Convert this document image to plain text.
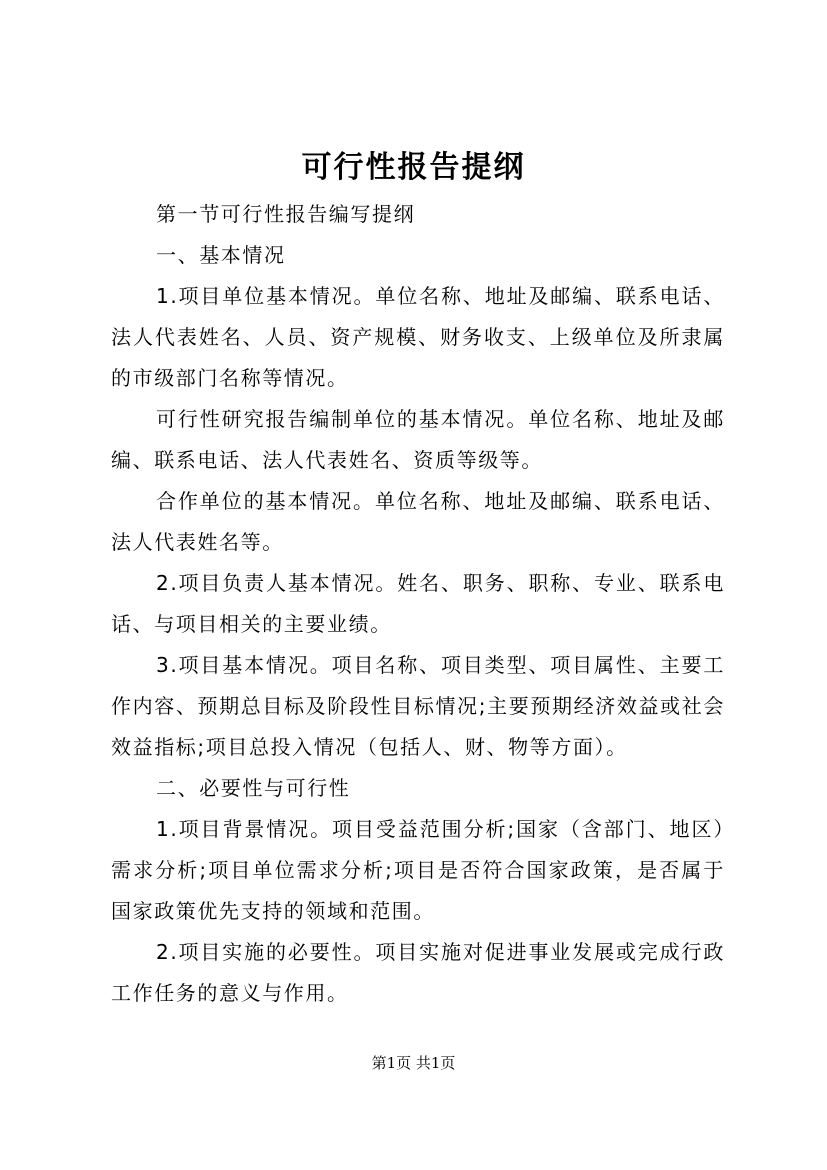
可行性报告提纲

第一节可行性报告编写提纲

一、基本情况

1.项目单位基本情况。单位名称、地址及邮编、联系电话、法人代表姓名、人员、资产规模、财务收支、上级单位及所隶属的市级部门名称等情况。

可行性研究报告编制单位的基本情况。单位名称、地址及邮编、联系电话、法人代表姓名、资质等级等。

合作单位的基本情况。单位名称、地址及邮编、联系电话、法人代表姓名等。

2.项目负责人基本情况。姓名、职务、职称、专业、联系电话、与项目相关的主要业绩。

3.项目基本情况。项目名称、项目类型、项目属性、主要工作内容、预期总目标及阶段性目标情况;主要预期经济效益或社会效益指标;项目总投入情况（包括人、财、物等方面）。

二、必要性与可行性

1.项目背景情况。项目受益范围分析;国家（含部门、地区）需求分析;项目单位需求分析;项目是否符合国家政策，是否属于国家政策优先支持的领域和范围。

2.项目实施的必要性。项目实施对促进事业发展或完成行政工作任务的意义与作用。

第1页 共1页
